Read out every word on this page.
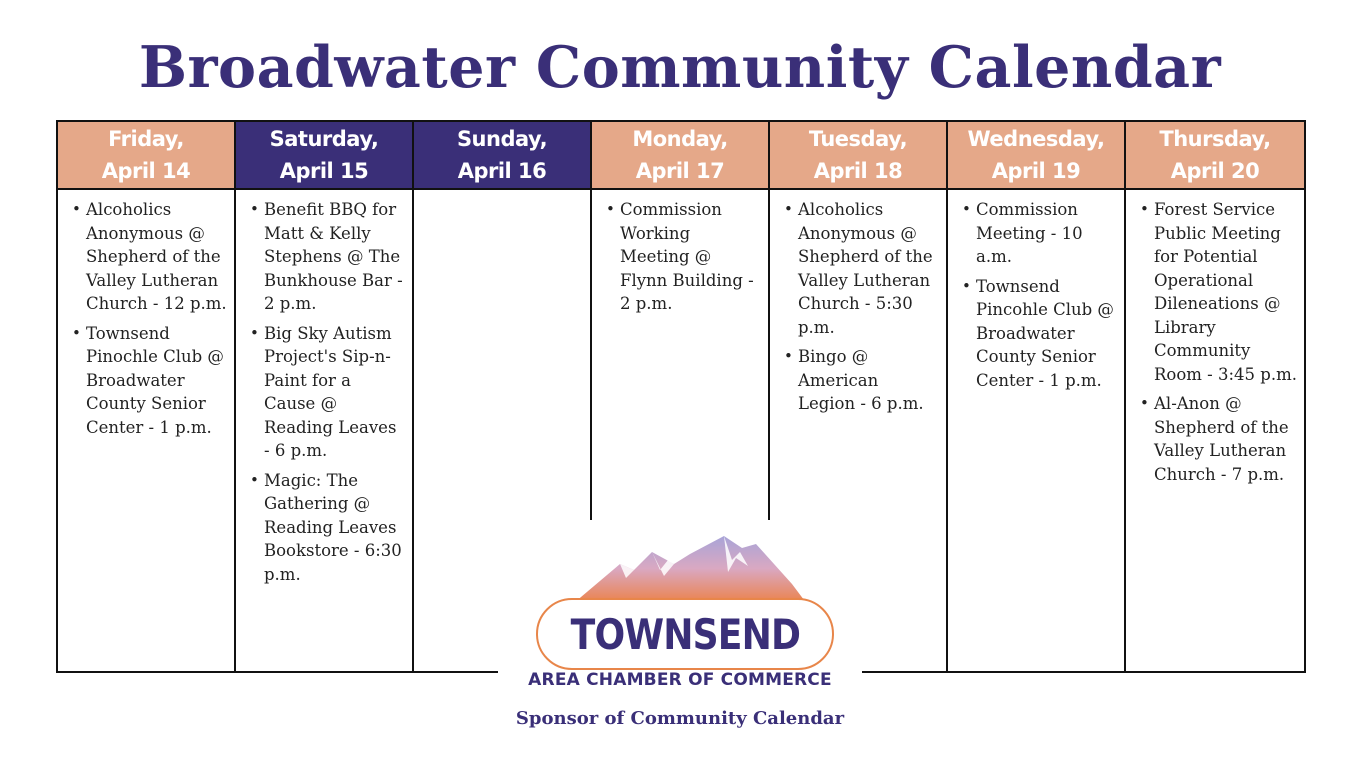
Broadwater Community Calendar
Friday,
April 14
• Alcoholics Anonymous @ Shepherd of the Valley Lutheran Church - 12 p.m.
• Townsend Pinochle Club @ Broadwater County Senior Center - 1 p.m.
Saturday,
April 15
• Benefit BBQ for Matt & Kelly Stephens @ The Bunkhouse Bar - 2 p.m.
• Big Sky Autism Project's Sip-n-Paint for a Cause @ Reading Leaves - 6 p.m.
• Magic: The Gathering @ Reading Leaves Bookstore - 6:30 p.m.
Sunday,
April 16
Monday,
April 17
• Commission Working Meeting @ Flynn Building - 2 p.m.
Tuesday,
April 18
• Alcoholics Anonymous @ Shepherd of the Valley Lutheran Church - 5:30 p.m.
• Bingo @ American Legion - 6 p.m.
Wednesday,
April 19
• Commission Meeting - 10 a.m.
• Townsend Pincohle Club @ Broadwater County Senior Center - 1 p.m.
Thursday,
April 20
• Forest Service Public Meeting for Potential Operational Dileneations @ Library Community Room - 3:45 p.m.
• Al-Anon @ Shepherd of the Valley Lutheran Church - 7 p.m.
TOWNSEND
AREA CHAMBER OF COMMERCE
Sponsor of Community Calendar
